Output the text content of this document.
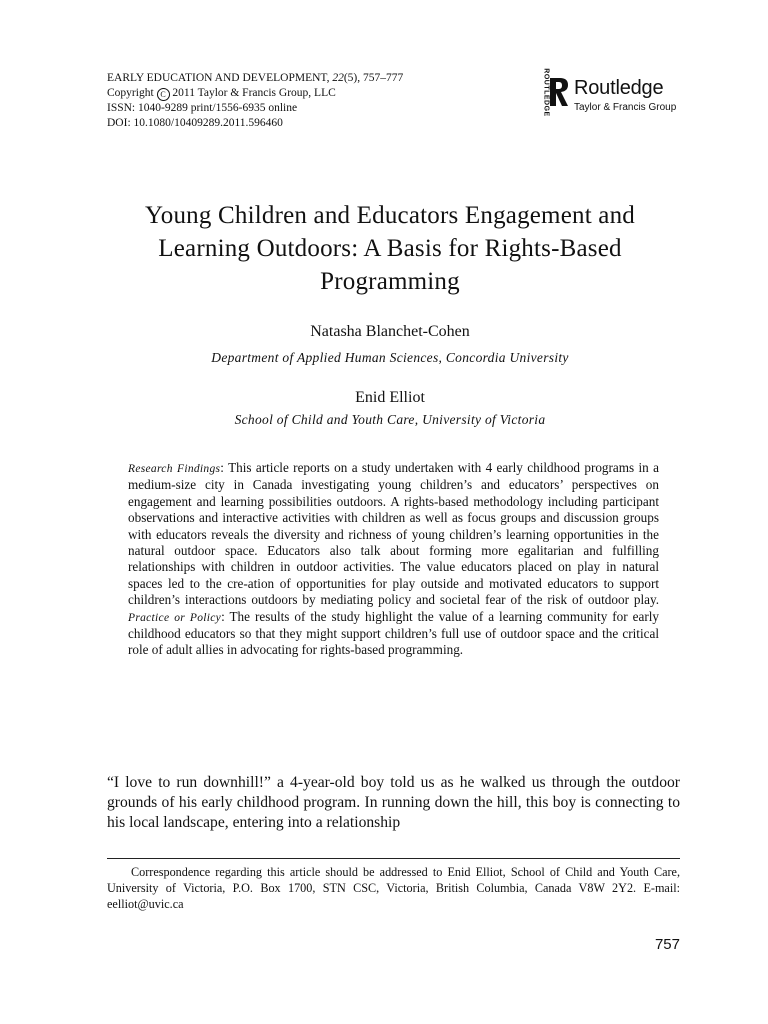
EARLY EDUCATION AND DEVELOPMENT, 22(5), 757–777
Copyright C 2011 Taylor & Francis Group, LLC
ISSN: 1040-9289 print/1556-6935 online
DOI: 10.1080/10409289.2011.596460
ROUTLEDGE Routledge
Taylor & Francis Group
Young Children and Educators Engagement and Learning Outdoors: A Basis for Rights-Based Programming
Natasha Blanchet-Cohen
Department of Applied Human Sciences, Concordia University
Enid Elliot
School of Child and Youth Care, University of Victoria
Research Findings: This article reports on a study undertaken with 4 early childhood programs in a medium-size city in Canada investigating young children’s and educators’ perspectives on engagement and learning possibilities outdoors. A rights-based methodology including participant observations and interactive activities with children as well as focus groups and discussion groups with educators reveals the diversity and richness of young children’s learning opportunities in the natural outdoor space. Educators also talk about forming more egalitarian and fulfilling relationships with children in outdoor activities. The value educators placed on play in natural spaces led to the cre-ation of opportunities for play outside and motivated educators to support children’s interactions outdoors by mediating policy and societal fear of the risk of outdoor play. Practice or Policy: The results of the study highlight the value of a learning community for early childhood educators so that they might support children’s full use of outdoor space and the critical role of adult allies in advocating for rights-based programming.
“I love to run downhill!” a 4-year-old boy told us as he walked us through the outdoor grounds of his early childhood program. In running down the hill, this boy is connecting to his local landscape, entering into a relationship
Correspondence regarding this article should be addressed to Enid Elliot, School of Child and Youth Care, University of Victoria, P.O. Box 1700, STN CSC, Victoria, British Columbia, Canada V8W 2Y2. E-mail: eelliot@uvic.ca
757
